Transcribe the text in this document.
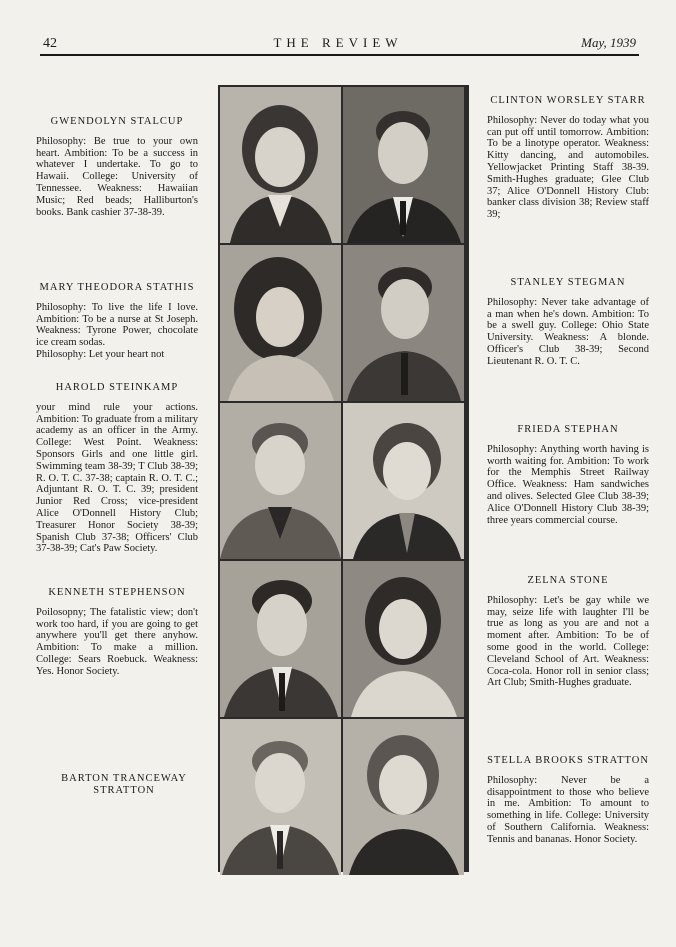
42	THE REVIEW	May, 1939
GWENDOLYN STALCUP
Philosophy: Be true to your own heart. Ambition: To be a success in whatever I undertake. To go to Hawaii. College: University of Tennessee. Weakness: Hawaiian Music; Red beads; Halliburton's books. Bank cashier 37-38-39.
MARY THEODORA STATHIS
Philosophy: To live the life I love. Ambition: To be a nurse at St Joseph. Weakness: Tyrone Power, chocolate ice cream sodas.
Philosophy: Let your heart not
HAROLD STEINKAMP
your mind rule your actions. Ambition: To graduate from a military academy as an officer in the Army. College: West Point. Weakness: Sponsors Girls and one little girl. Swimming team 38-39; T Club 38-39; R. O. T. C. 37-38; captain R. O. T. C.; Adjuntant R. O. T. C. 39; president Junior Red Cross; vice-president Alice O'Donnell History Club; Treasurer Honor Society 38-39; Spanish Club 37-38; Officers' Club 37-38-39; Cat's Paw Society.
KENNETH STEPHENSON
Poilosopny; The fatalistic view; don't work too hard, if you are going to get anywhere you'll get there anyhow. Ambition: To make a million. College: Sears Roebuck. Weakness: Yes. Honor Society.
BARTON TRANCEWAY STRATTON
CLINTON WORSLEY STARR
Philosophy: Never do today what you can put off until tomorrow. Ambition: To be a linotype operator. Weakness: Kitty dancing, and automobiles. Yellowjacket Printing Staff 38-39. Smith-Hughes graduate; Glee Club 37; Alice O'Donnell History Club: banker class division 38; Review staff 39;
STANLEY STEGMAN
Philosophy: Never take advantage of a man when he's down. Ambition: To be a swell guy. College: Ohio State University. Weakness: A blonde. Officer's Club 38-39; Second Lieutenant R. O. T. C.
FRIEDA STEPHAN
Philosophy: Anything worth having is worth waiting for. Ambition: To work for the Memphis Street Railway Office. Weakness: Ham sandwiches and olives. Selected Glee Club 38-39; Alice O'Donnell History Club 38-39; three years commercial course.
ZELNA STONE
Philosophy: Let's be gay while we may, seize life with laughter I'll be true as long as you are and not a moment after. Ambition: To be of some good in the world. College: Cleveland School of Art. Weakness: Coca-cola. Honor roll in senior class; Art Club; Smith-Hughes graduate.
STELLA BROOKS STRATTON
Philosophy: Never be a disappointment to those who believe in me. Ambition: To amount to something in life. College: University of Southern California. Weakness: Tennis and bananas. Honor Society.
